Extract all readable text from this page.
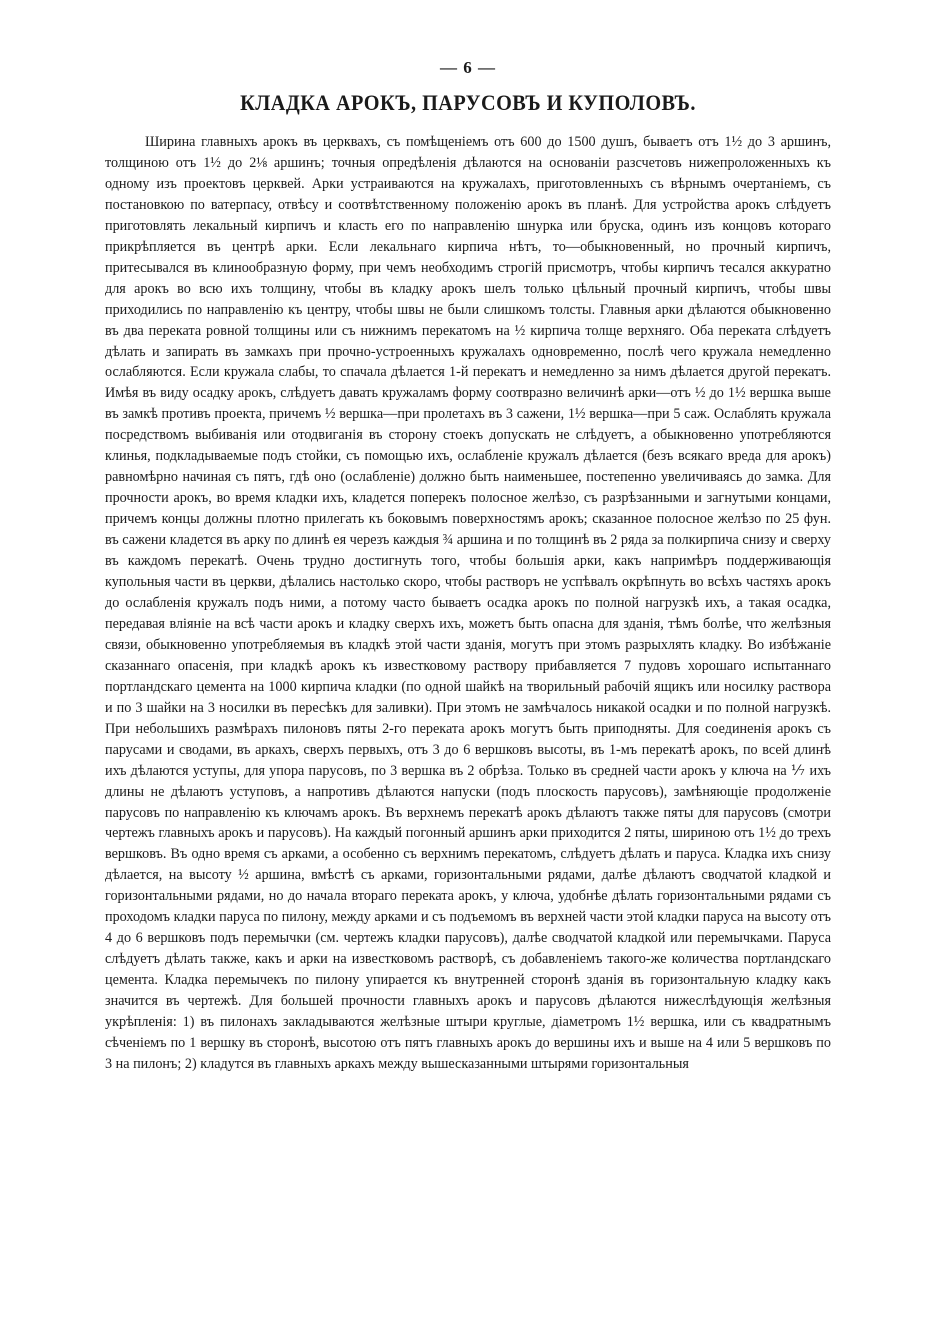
— 6 —
КЛАДКА АРОКЪ, ПАРУСОВЪ И КУПОЛОВЪ.

Ширина главныхъ арокъ въ церквахъ, съ помѣщеніемъ отъ 600 до 1500 душъ, бываетъ отъ 1½ до 3 аршинъ, толщиною отъ 1½ до 2⅛ аршинъ; точныя опредѣленія дѣлаются на основаніи разсчетовъ нижепроложенныхъ къ одному изъ проектовъ церквей. Арки устраиваются на кружалахъ, приготовленныхъ съ вѣрнымъ очертаніемъ, съ постановкою по ватерпасу, отвѣсу и соотвѣтственному положенію арокъ въ планѣ. Для устройства арокъ слѣдуетъ приготовлять лекальный кирпичъ и класть его по направленію шнурка или бруска, одинъ изъ концовъ котораго прикрѣпляется въ центрѣ арки. Если лекальнаго кирпича нѣтъ, то—обыкновенный, но прочный кирпичъ, притесывался въ клинообразную форму, при чемъ необходимъ строгій присмотръ, чтобы кирпичъ тесался аккуратно для арокъ во всю ихъ толщину, чтобы въ кладку арокъ шелъ только цѣльный прочный кирпичъ, чтобы швы приходились по направленію къ центру, чтобы швы не были слишкомъ толсты. Главныя арки дѣлаются обыкновенно въ два переката ровной толщины или съ нижнимъ перекатомъ на ½ кирпича толще верхняго. Оба переката слѣдуетъ дѣлать и запирать въ замкахъ при прочно-устроенныхъ кружалахъ одновременно, послѣ чего кружала немедленно ослабляются. Если кружала слабы, то спачала дѣлается 1-й перекатъ и немедленно за нимъ дѣлается другой перекатъ. Имѣя въ виду осадку арокъ, слѣдуетъ давать кружаламъ форму соотвразно величинѣ арки—отъ ½ до 1½ вершка выше въ замкѣ противъ проекта, причемъ ½ вершка—при пролетахъ въ 3 сажени, 1½ вершка—при 5 саж. Ослаблять кружала посредствомъ выбиванія или отодвиганія въ сторону стоекъ допускать не слѣдуетъ, а обыкновенно употребляются клинья, подкладываемые подъ стойки, съ помощью ихъ, ослабленіе кружалъ дѣлается (безъ всякаго вреда для арокъ) равномѣрно начиная съ пятъ, гдѣ оно (ослабленіе) должно быть наименьшее, постепенно увеличиваясь до замка. Для прочности арокъ, во время кладки ихъ, кладется поперекъ полосное желѣзо, съ разрѣзанными и загнутыми концами, причемъ концы должны плотно прилегать къ боковымъ поверхностямъ арокъ; сказанное полосное желѣзо по 25 фун. въ сажени кладется въ арку по длинѣ ея черезъ каждыя ¾ аршина и по толщинѣ въ 2 ряда за полкирпича снизу и сверху въ каждомъ перекатѣ. Очень трудно достигнуть того, чтобы большія арки, какъ напримѣръ поддерживающія купольныя части въ церкви, дѣлались настолько скоро, чтобы растворъ не успѣвалъ окрѣпнуть во всѣхъ частяхъ арокъ до ослабленія кружалъ подъ ними, а потому часто бываетъ осадка арокъ по полной нагрузкѣ ихъ, а такая осадка, передавая вліяніе на всѣ части арокъ и кладку сверхъ ихъ, можетъ быть опасна для зданія, тѣмъ болѣе, что желѣзныя связи, обыкновенно употребляемыя въ кладкѣ этой части зданія, могутъ при этомъ разрыхлять кладку. Во избѣжаніе сказаннаго опасенія, при кладкѣ арокъ къ известковому раствору прибавляется 7 пудовъ хорошаго испытаннаго портландскаго цемента на 1000 кирпича кладки (по одной шайкѣ на творильный рабочій ящикъ или носилку раствора и по 3 шайки на 3 носилки въ пересѣкъ для заливки). При этомъ не замѣчалось никакой осадки и по полной нагрузкѣ. При небольшихъ размѣрахъ пилоновъ пяты 2-го переката арокъ могутъ быть приподняты. Для соединенія арокъ съ парусами и сводами, въ аркахъ, сверхъ первыхъ, отъ 3 до 6 вершковъ высоты, въ 1-мъ перекатѣ арокъ, по всей длинѣ ихъ дѣлаются уступы, для упора парусовъ, по 3 вершка въ 2 обрѣза. Только въ средней части арокъ у ключа на ⅐ ихъ длины не дѣлаютъ уступовъ, а напротивъ дѣлаются напуски (подъ плоскость парусовъ), замѣняющіе продолженіе парусовъ по направленію къ ключамъ арокъ. Въ верхнемъ перекатѣ арокъ дѣлаютъ также пяты для парусовъ (смотри чертежъ главныхъ арокъ и парусовъ). На каждый погонный аршинъ арки приходится 2 пяты, шириною отъ 1½ до трехъ вершковъ. Въ одно время съ арками, а особенно съ верхнимъ перекатомъ, слѣдуетъ дѣлать и паруса. Кладка ихъ снизу дѣлается, на высоту ½ аршина, вмѣстѣ съ арками, горизонтальными рядами, далѣе дѣлаютъ сводчатой кладкой и горизонтальными рядами, но до начала втораго переката арокъ, у ключа, удобнѣе дѣлать горизонтальными рядами съ проходомъ кладки паруса по пилону, между арками и съ подъемомъ въ верхней части этой кладки паруса на высоту отъ 4 до 6 вершковъ подъ перемычки (см. чертежъ кладки парусовъ), далѣе сводчатой кладкой или перемычками. Паруса слѣдуетъ дѣлать также, какъ и арки на известковомъ растворѣ, съ добавленіемъ такого-же количества портландскаго цемента. Кладка перемычекъ по пилону упирается къ внутренней сторонѣ зданія въ горизонтальную кладку какъ значится въ чертежѣ. Для большей прочности главныхъ арокъ и парусовъ дѣлаются нижеслѣдующія желѣзныя укрѣпленія: 1) въ пилонахъ закладываются желѣзные штыри круглые, діаметромъ 1½ вершка, или съ квадратнымъ сѣченіемъ по 1 вершку въ сторонѣ, высотою отъ пятъ главныхъ арокъ до вершины ихъ и выше на 4 или 5 вершковъ по 3 на пилонъ; 2) кладутся въ главныхъ аркахъ между вышесказанными штырями горизонтальныя
